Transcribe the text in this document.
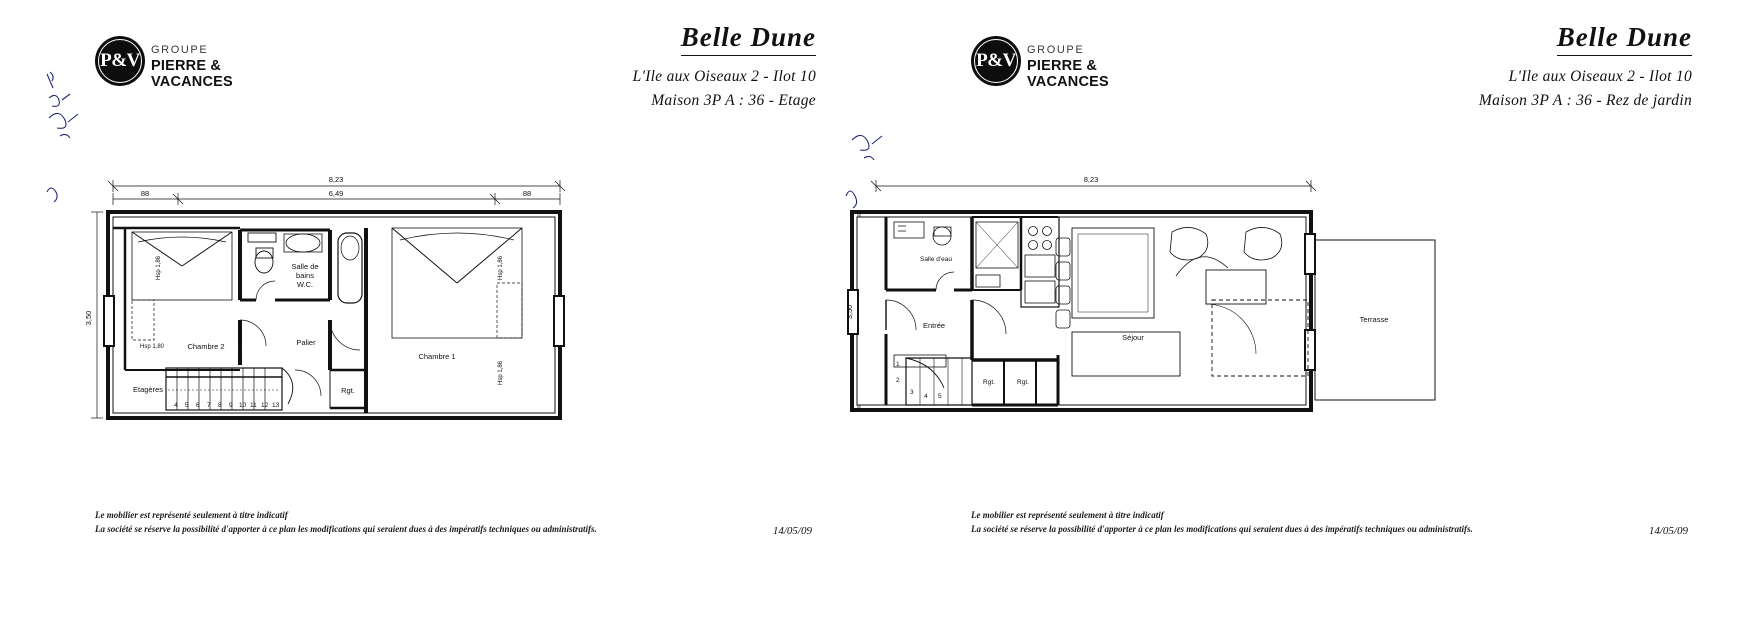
P&V	GROUPE
PIERRE & VACANCES
Belle Dune
L'Ile aux Oiseaux 2 - Ilot 10
Maison 3P A : 36 - Etage
Le mobilier est représenté seulement à titre indicatif
La société se réserve la possibilité d'apporter à ce plan les modifications qui seraient dues à des impératifs techniques ou administratifs.	14/05/09
8,23
6,49
88	88
3,50
4 5 6 7 8 9 10 11 12 13
Chambre 2
Chambre 1
Palier
Salle de
bains
W.C.
Etagères	Rgt.
Hsp 1,86
Hsp 1,80
Hsp 1,86
Hsp 1,86
P&V	GROUPE
PIERRE & VACANCES
Belle Dune
L'Ile aux Oiseaux 2 - Ilot 10
Maison 3P A : 36 - Rez de jardin
Le mobilier est représenté seulement à titre indicatif
La société se réserve la possibilité d'apporter à ce plan les modifications qui seraient dues à des impératifs techniques ou administratifs.	14/05/09
8,23
Entrée
Séjour
Salle d'eau
Rgt.	Rgt.
Terrasse
1
2
3
4 5
3,50
